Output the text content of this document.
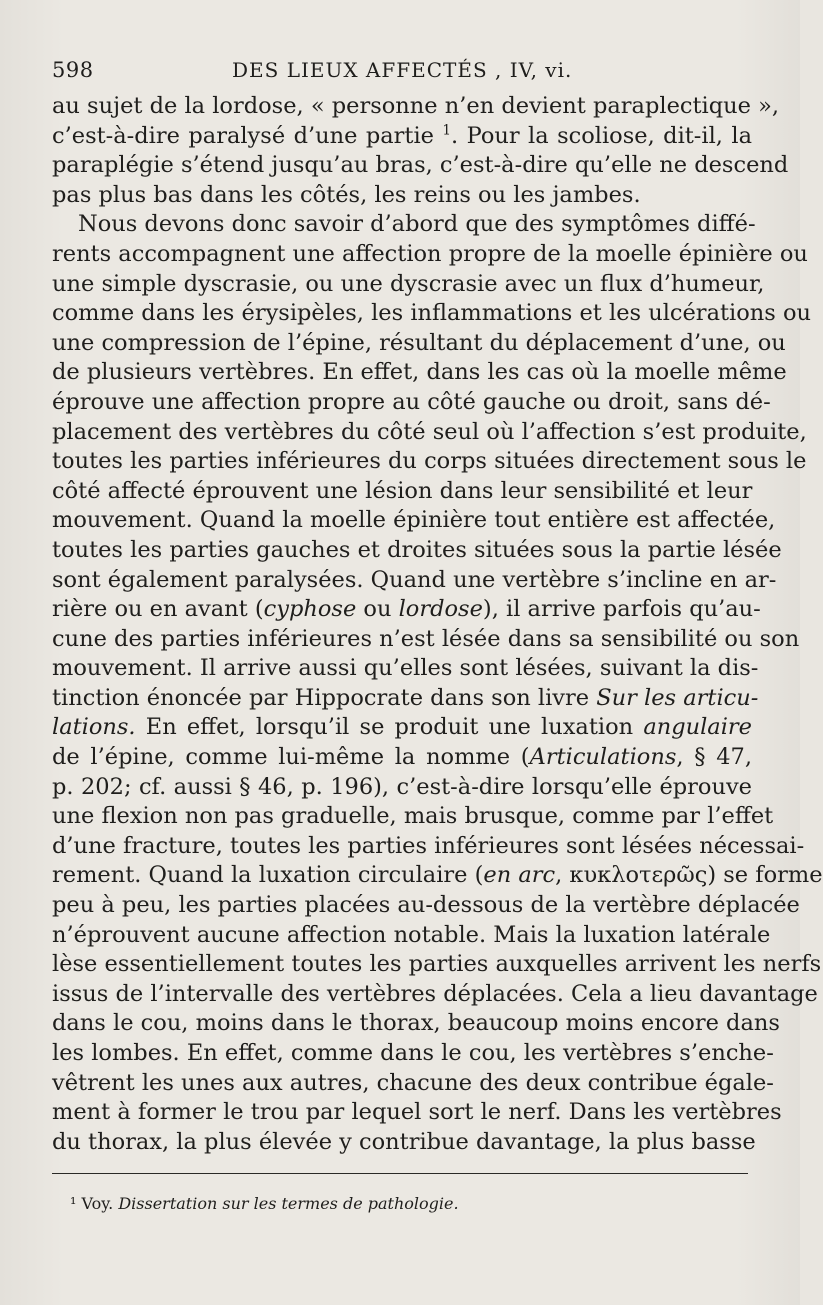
598	DES LIEUX AFFECTÉS , IV, vi.
au sujet de la lordose, « personne n’en devient paraplectique »,
c’est-à-dire paralysé d’une partie $^1$. Pour la scoliose, dit-il, la
paraplégie s’étend jusqu’au bras, c’est-à-dire qu’elle ne descend
pas plus bas dans les côtés, les reins ou les jambes.
Nous devons donc savoir d’abord que des symptômes diffé-
rents accompagnent une affection propre de la moelle épinière ou
une simple dyscrasie, ou une dyscrasie avec un flux d’humeur,
comme dans les érysipèles, les inflammations et les ulcérations ou
une compression de l’épine, résultant du déplacement d’une, ou
de plusieurs vertèbres. En effet, dans les cas où la moelle même
éprouve une affection propre au côté gauche ou droit, sans dé-
placement des vertèbres du côté seul où l’affection s’est produite,
toutes les parties inférieures du corps situées directement sous le
côté affecté éprouvent une lésion dans leur sensibilité et leur
mouvement. Quand la moelle épinière tout entière est affectée,
toutes les parties gauches et droites situées sous la partie lésée
sont également paralysées. Quand une vertèbre s’incline en ar-
rière ou en avant (cyphose ou lordose), il arrive parfois qu’au-
cune des parties inférieures n’est lésée dans sa sensibilité ou son
mouvement. Il arrive aussi qu’elles sont lésées, suivant la dis-
tinction énoncée par Hippocrate dans son livre Sur les articu-
lations. En effet, lorsqu’il se produit une luxation angulaire
de l’épine, comme lui-même la nomme (Articulations, § 47,
p. 202; cf. aussi § 46, p. 196), c’est-à-dire lorsqu’elle éprouve
une flexion non pas graduelle, mais brusque, comme par l’effet
d’une fracture, toutes les parties inférieures sont lésées nécessai-
rement. Quand la luxation circulaire (en arc, κυκλοτερῶς) se forme
peu à peu, les parties placées au-dessous de la vertèbre déplacée
n’éprouvent aucune affection notable. Mais la luxation latérale
lèse essentiellement toutes les parties auxquelles arrivent les nerfs
issus de l’intervalle des vertèbres déplacées. Cela a lieu davantage
dans le cou, moins dans le thorax, beaucoup moins encore dans
les lombes. En effet, comme dans le cou, les vertèbres s’enche-
vêtrent les unes aux autres, chacune des deux contribue égale-
ment à former le trou par lequel sort le nerf. Dans les vertèbres
du thorax, la plus élevée y contribue davantage, la plus basse
¹ Voy. Dissertation sur les termes de pathologie.
